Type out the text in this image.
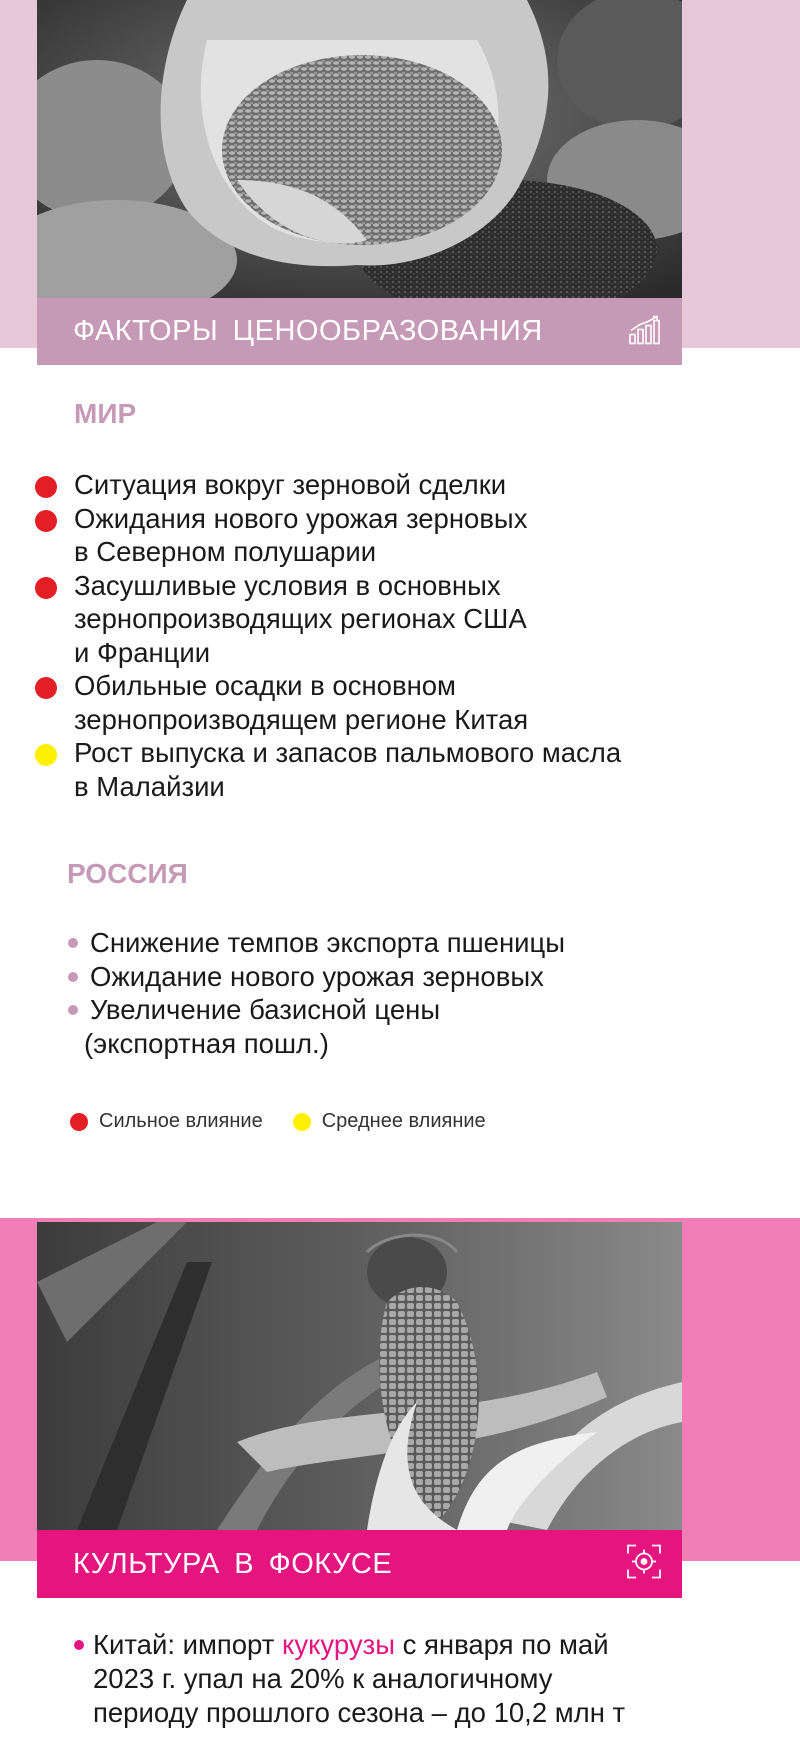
ФАКТОРЫ ЦЕНООБРАЗОВАНИЯ
МИР
Ситуация вокруг зерновой сделки
Ожидания нового урожая зерновых
в Северном полушарии
Засушливые условия в основных
зернопроизводящих регионах США
и Франции
Обильные осадки в основном
зернопроизводящем регионе Китая
Рост выпуска и запасов пальмового масла
в Малайзии
РОССИЯ
Снижение темпов экспорта пшеницы
Ожидание нового урожая зерновых
Увеличение базисной цены
(экспортная пошл.)
Сильное влияние	Среднее влияние
КУЛЬТУРА В ФОКУСЕ
Китай: импорт кукурузы с января по май
2023 г. упал на 20% к аналогичному
периоду прошлого сезона – до 10,2 млн т
